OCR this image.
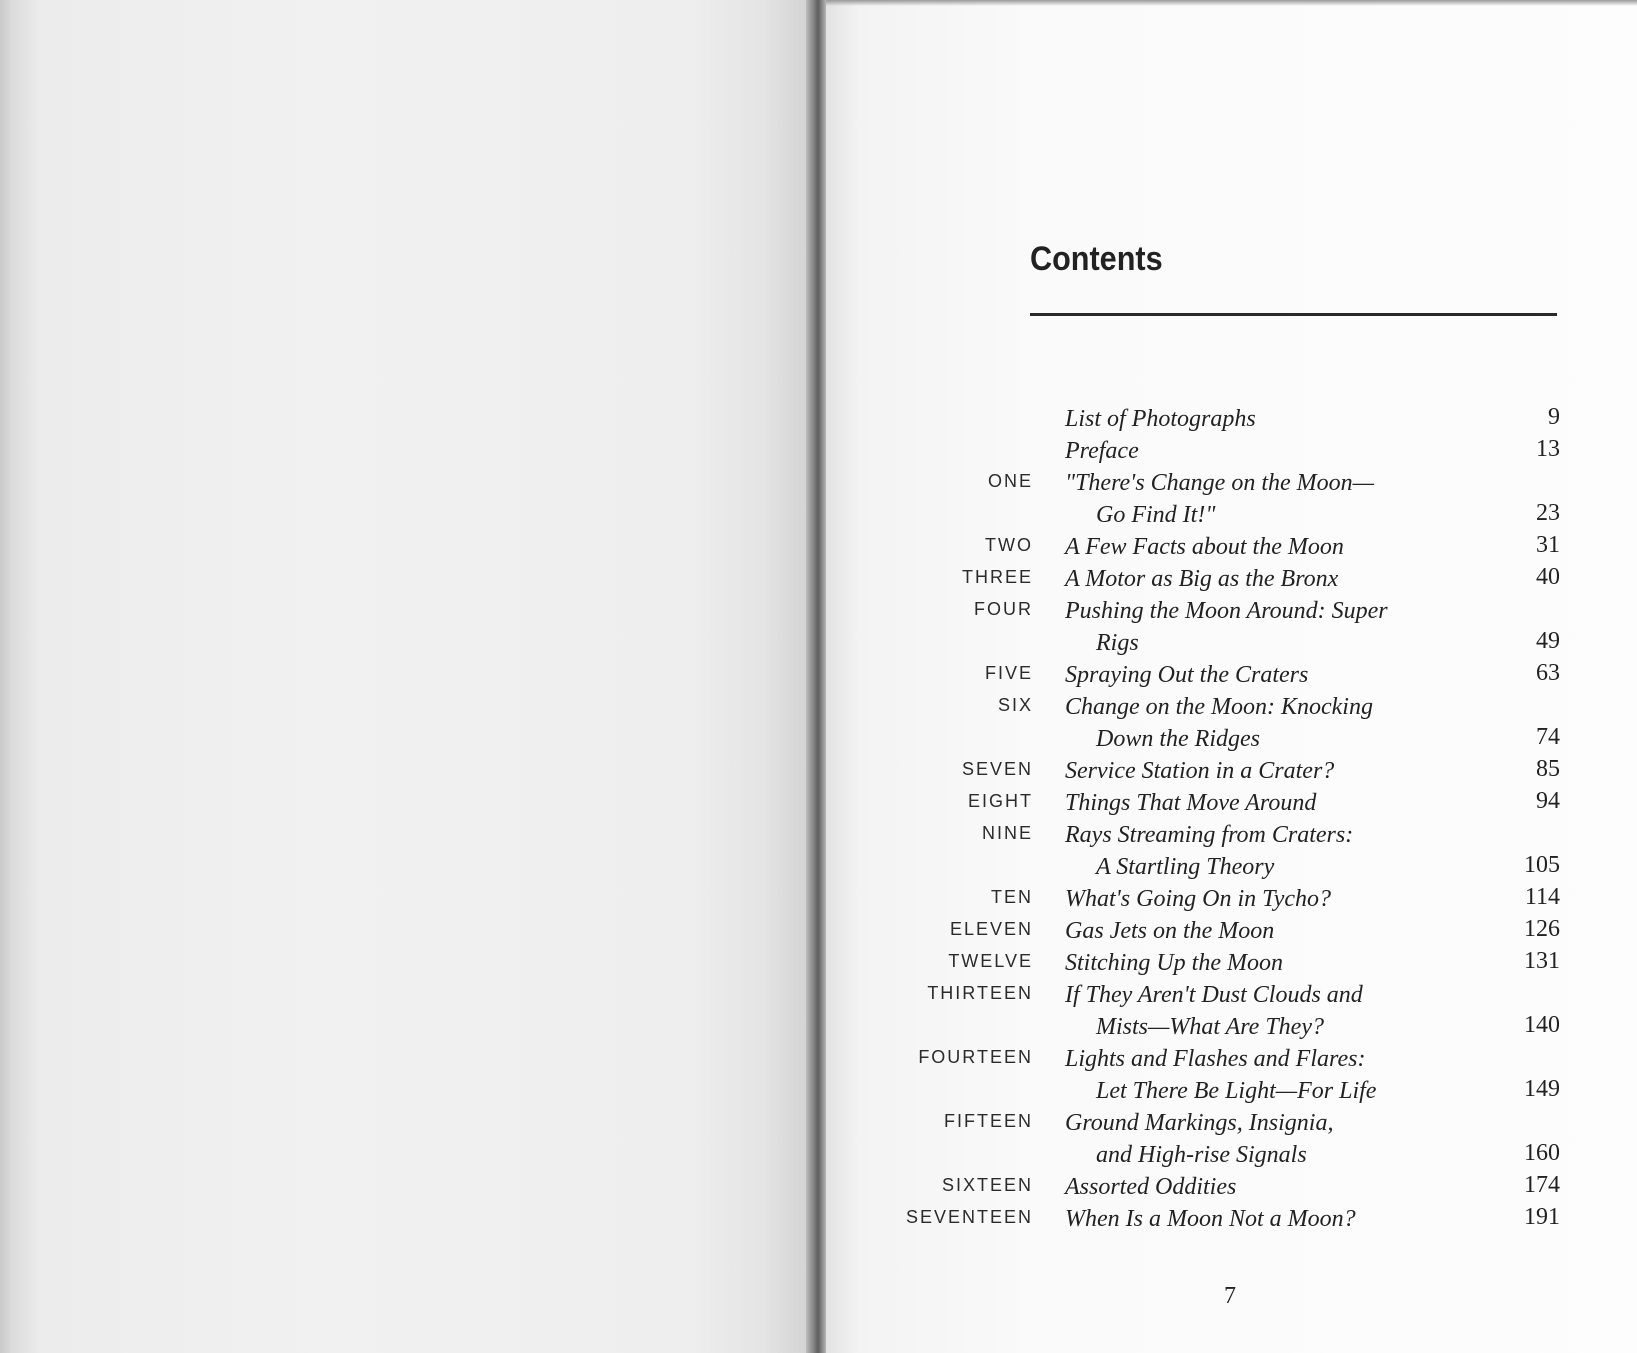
Contents
List of Photographs	9
Preface	13
ONE "There's Change on the Moon—
Go Find It!"	23
TWO A Few Facts about the Moon	31
THREE A Motor as Big as the Bronx	40
FOUR Pushing the Moon Around: Super
Rigs	49
FIVE Spraying Out the Craters	63
SIX Change on the Moon: Knocking
Down the Ridges	74
SEVEN Service Station in a Crater?	85
EIGHT Things That Move Around	94
NINE Rays Streaming from Craters:
A Startling Theory	105
TEN What's Going On in Tycho?	114
ELEVEN Gas Jets on the Moon	126
TWELVE Stitching Up the Moon	131
THIRTEEN If They Aren't Dust Clouds and
Mists—What Are They?	140
FOURTEEN Lights and Flashes and Flares:
Let There Be Light—For Life	149
FIFTEEN Ground Markings, Insignia,
and High-rise Signals	160
SIXTEEN Assorted Oddities	174
SEVENTEEN When Is a Moon Not a Moon?	191
7
